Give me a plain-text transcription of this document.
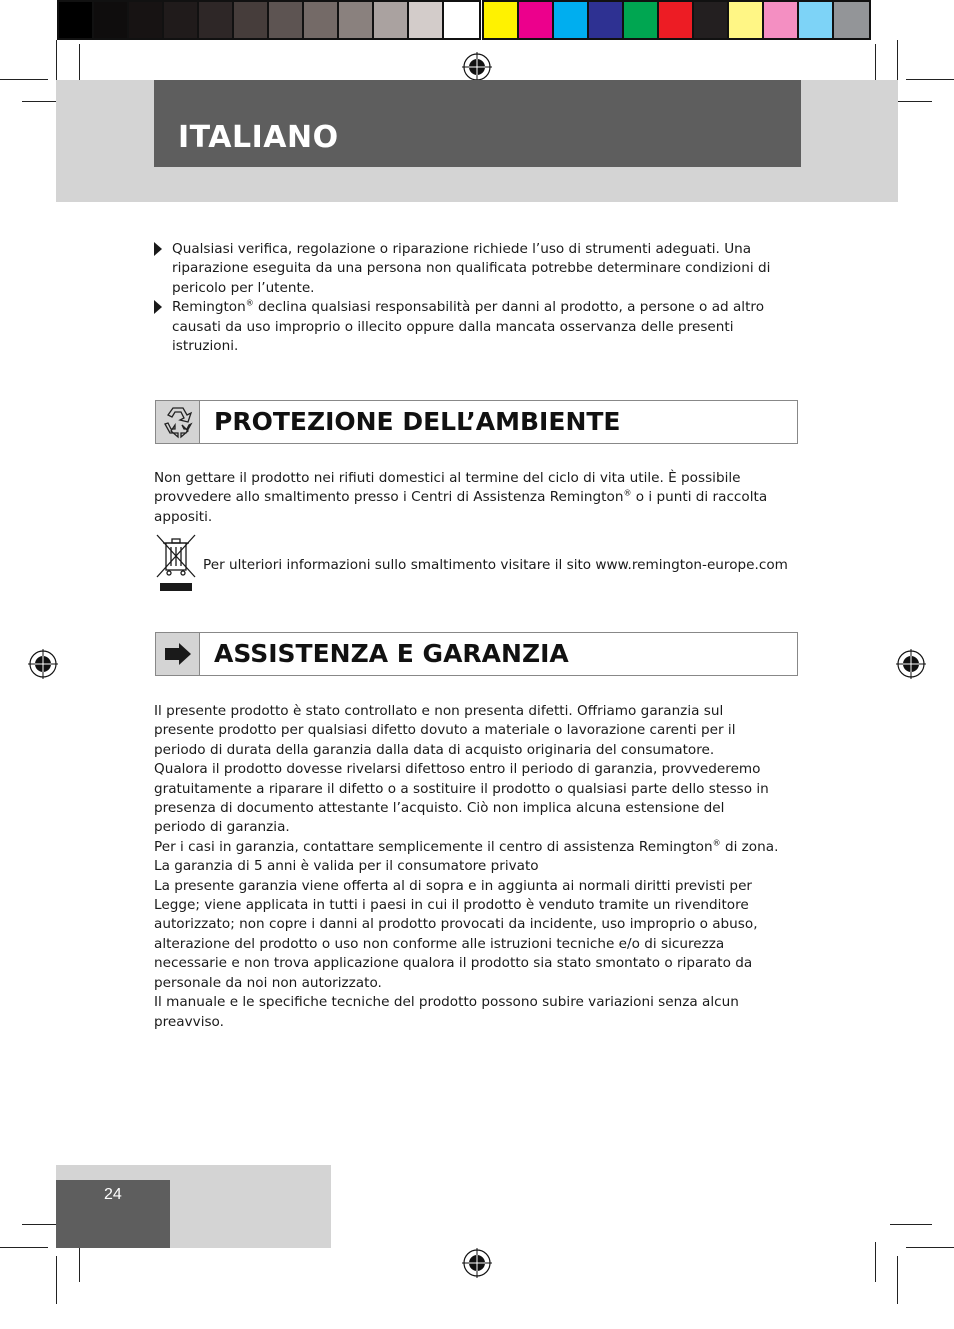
ITALIANO
Qualsiasi verifica, regolazione o riparazione richiede l’uso di strumenti adeguati. Una riparazione eseguita da una persona non qualificata potrebbe determinare condizioni di pericolo per l’utente.
Remington® declina qualsiasi responsabilità per danni al prodotto, a persone o ad altro causati da uso improprio o illecito oppure dalla mancata osservanza delle presenti istruzioni.
PROTEZIONE DELL’AMBIENTE

Non gettare il prodotto nei rifiuti domestici al termine del ciclo di vita utile. È possibile provvedere allo smaltimento presso i Centri di Assistenza Remington® o i punti di raccolta appositi.

Per ulteriori informazioni sullo smaltimento visitare il sito www.remington-europe.com
ASSISTENZA E GARANZIA

Il presente prodotto è stato controllato e non presenta difetti. Offriamo garanzia sul presente prodotto per qualsiasi difetto dovuto a materiale o lavorazione carenti per il periodo di durata della garanzia dalla data di acquisto originaria del consumatore.

Qualora il prodotto dovesse rivelarsi difettoso entro il periodo di garanzia, provvederemo gratuitamente a riparare il difetto o a sostituire il prodotto o qualsiasi parte dello stesso in presenza di documento attestante l’acquisto. Ciò non implica alcuna estensione del periodo di garanzia.

Per i casi in garanzia, contattare semplicemente il centro di assistenza Remington® di zona.

La garanzia di 5 anni è valida per il consumatore privato

La presente garanzia viene offerta al di sopra e in aggiunta ai normali diritti previsti per Legge; viene applicata in tutti i paesi in cui il prodotto è venduto tramite un rivenditore autorizzato; non copre i danni al prodotto provocati da incidente, uso improprio o abuso, alterazione del prodotto o uso non conforme alle istruzioni tecniche e/o di sicurezza necessarie e non trova applicazione qualora il prodotto sia stato smontato o riparato da personale da noi non autorizzato.

Il manuale e le specifiche tecniche del prodotto possono subire variazioni senza alcun preavviso.

24
